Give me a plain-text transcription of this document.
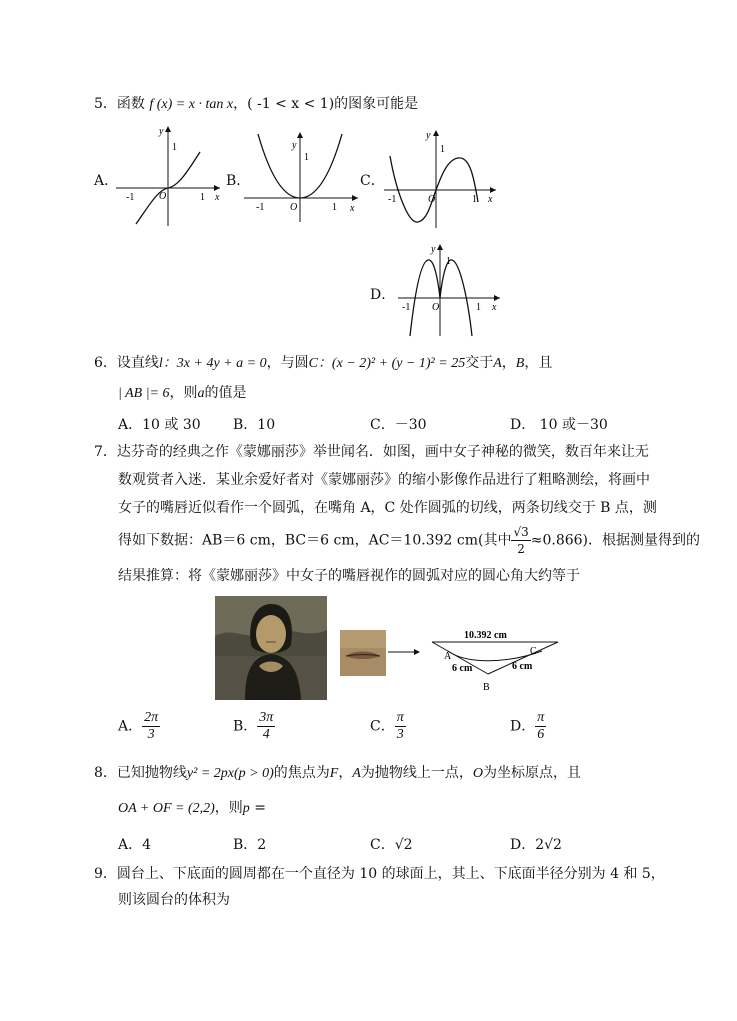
5．函数 f (x) = x · tan x，( -1 < x < 1)的图象可能是
A．	B．	C．
D．
y
x
O
1
-1	1
y
x
O
1
-1	1
y
x
O
1
-1	1
y
x
O
1
-1	1
6．设直线l：3x + 4y + a = 0，与圆C：(x − 2)² + (y − 1)² = 25交于A，B，且
| AB |= 6，则a的值是
A．10 或 30 B．10	C．－30	D． 10 或－30
7．达芬奇的经典之作《蒙娜丽莎》举世闻名．如图，画中女子神秘的微笑，数百年来让无
数观赏者入迷．某业余爱好者对《蒙娜丽莎》的缩小影像作品进行了粗略测绘，将画中
女子的嘴唇近似看作一个圆弧，在嘴角 A，C 处作圆弧的切线，两条切线交于 B 点，测
得如下数据：AB＝6 cm，BC＝6 cm，AC＝10.392 cm(其中 $\frac{√3}{2} \approx 0.866$)．根据测量得到的
结果推算：将《蒙娜丽莎》中女子的嘴唇视作的圆弧对应的圆心角大约等于
10.392 cm
A	C
6 cm	6 cm
B
A． $\frac{2\pi}{3}$	B． $\frac{3\pi}{4}$	C． $\frac{\pi}{3}$	D． $\frac{\pi}{6}$
8．已知抛物线y² = 2px(p > 0)的焦点为F，A为抛物线上一点，O为坐标原点，且
OA + OF = (2,2)，则p =
A．4	B．2	C．√2	D．2√2
9．圆台上、下底面的圆周都在一个直径为 10 的球面上，其上、下底面半径分别为 4 和 5，
则该圆台的体积为
